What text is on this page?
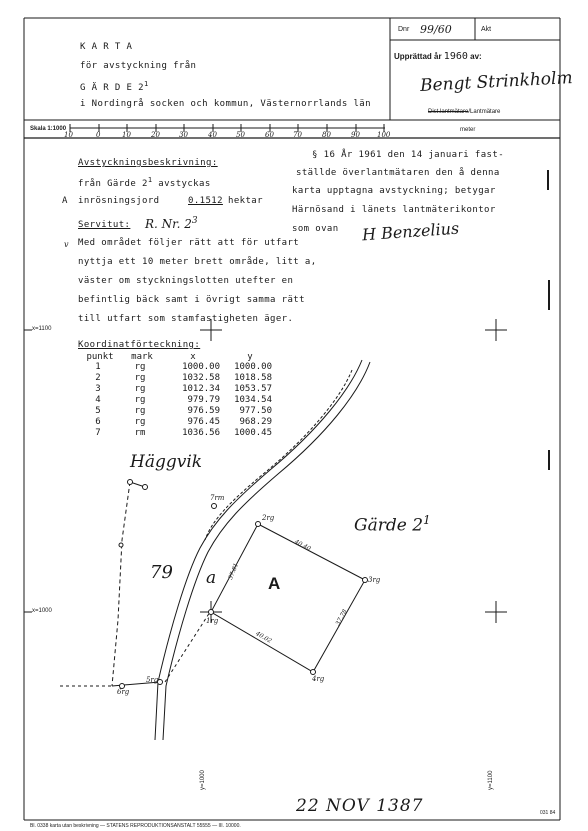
K A R T A
för avstyckning från
G Ä R D E $2^1$
i Nordingrå socken och kommun, Västernorrlands län
Dnr 99/60	Akt
Upprättad år 1960 av:
Bengt Strinkholm
Dist.lantmätare/Lantmätare
Skala 1:1000
10	0	10	20	30	40	50	60	70	80	90 100
meter
Avstyckningsbeskrivning:
från Gärde $2^1$ avstyckas
A inrösningsjord	0.1512 hektar
Servitut: R. Nr. $2^3$
v Med området följer rätt att för utfart
nyttja ett 10 meter brett område, litt a,
väster om styckningslotten utefter en
befintlig bäck samt i övrigt samma rätt
till utfart som stamfastigheten äger.
§ 16 År 1961 den 14 januari fast-
ställde överlantmätaren den å denna
karta upptagna avstyckning; betygar
Härnösand i länets lantmäterikontor
som ovan H Benzelius
Koordinatförteckning:
punkt	mark	x	y
1	rg	1000.00	1000.00
2	rg	1032.58	1018.58
3	rg	1012.34	1053.57
4	rg	979.79	1034.54
5	rg	976.59	977.50
6	rg	976.45	968.29
7	rm	1036.56	1000.45
x=1100
x=1000
y=1000	y=1100
Häggvik
Gärde $2^1$
A
a
79
2rg
3rg
4rg
1rg
6rg
5rg
7rm
40.40
37.78
40.02
37.81
22 NOV 1387
Bl. 0338 karta utan beskrivning — STATENS REPRODUKTIONSANSTALT 55555 — III. 10000.
031 84
